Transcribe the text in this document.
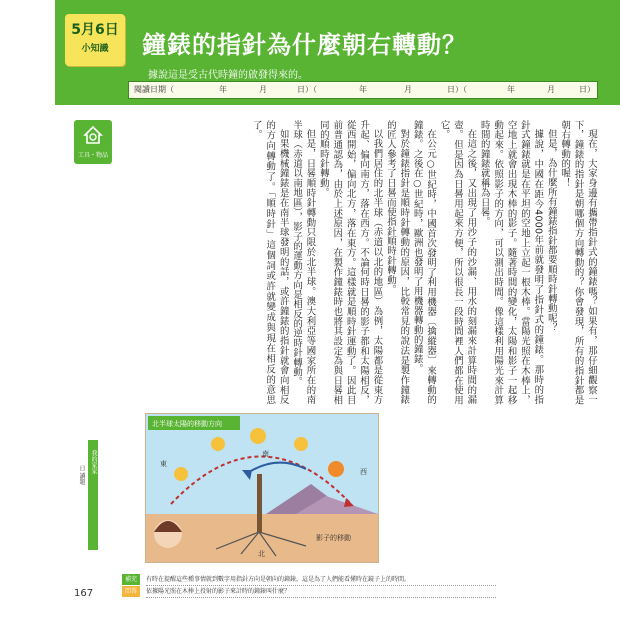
5月6日
小知識	鐘錶的指針為什麼朝右轉動？
據說這是受古代時鐘的啟發得來的。
閱讀日期（	年	月	日）（	年	月	日）（	年	月	日）
工具・物品
我的家家
日 讀題

現在，大家身邊有攜帶指針式的鐘錶嗎？如果有，那仔細觀察一下，鐘錶的指針是朝哪個方向轉動的？你會發現，所有的指針都是朝右轉動的喔！

但是，為什麼所有鐘錶指針都要順時針轉動呢？

據說，中國在距今4000年前就發明了指針式的鐘錶。那時的指針式鐘錶就是在平坦的空地上立起一根木棒。當陽光照在木棒上，空地上就會出現木棒的影子。隨著時間的變化，太陽和影子一起移動起來。依照影子的方向，可以測出時間。像這樣利用陽光來計算時間的鐘錶就稱為日晷。

在這之後，又出現了用沙子的沙漏、用水的刻漏來計算時間的漏壺。但是因為日晷用起來方便，所以很長一段時間裡人們都在使用它。

在公元○世紀時，中國首次發明了利用機器〔擒縱器〕來轉動的鐘錶。之後在○世紀時，歐洲也發明了用機器轉動的鐘錶。

對於鐘錶指針是順時針轉動的原因，比較常見的說法是製作鐘錶的匠人參考了日晷而使指針順時針轉動。

以我們居住的北半球（赤道以北的地區）為例，太陽都是從東方升起、偏向南方，落在西方。不論何時日晷的影子都和太陽相反，從西開始，偏向北方，落在東方。這樣就是順時針運動了。因此目前普通認為，由於上述原因，在製作鐘錶時也將其設定為與日晷相同的順時針轉動。

但是，日晷順時針轉動只限於北半球。澳大利亞等國家所在的南半球（赤道以南地區），影子的運動方向是相反的逆時針轉動。

如果機械鐘錶是在南半球發明的話，或許鐘錶的指針就會向相反的方向轉動了。「順時針」這個詞或許就變成與現在相反的意思了。

北半球太陽的移動方向
東
西
南
北
影子的移動
167
補充 有時在提醒這些種事情就到數字用指針方向是朝向的鐘錶，這是為了人們能看懂時在鏡子上的時間。
問答 依據陽光照在木棒上投射的影子來計時的鐘錶叫什麼？
